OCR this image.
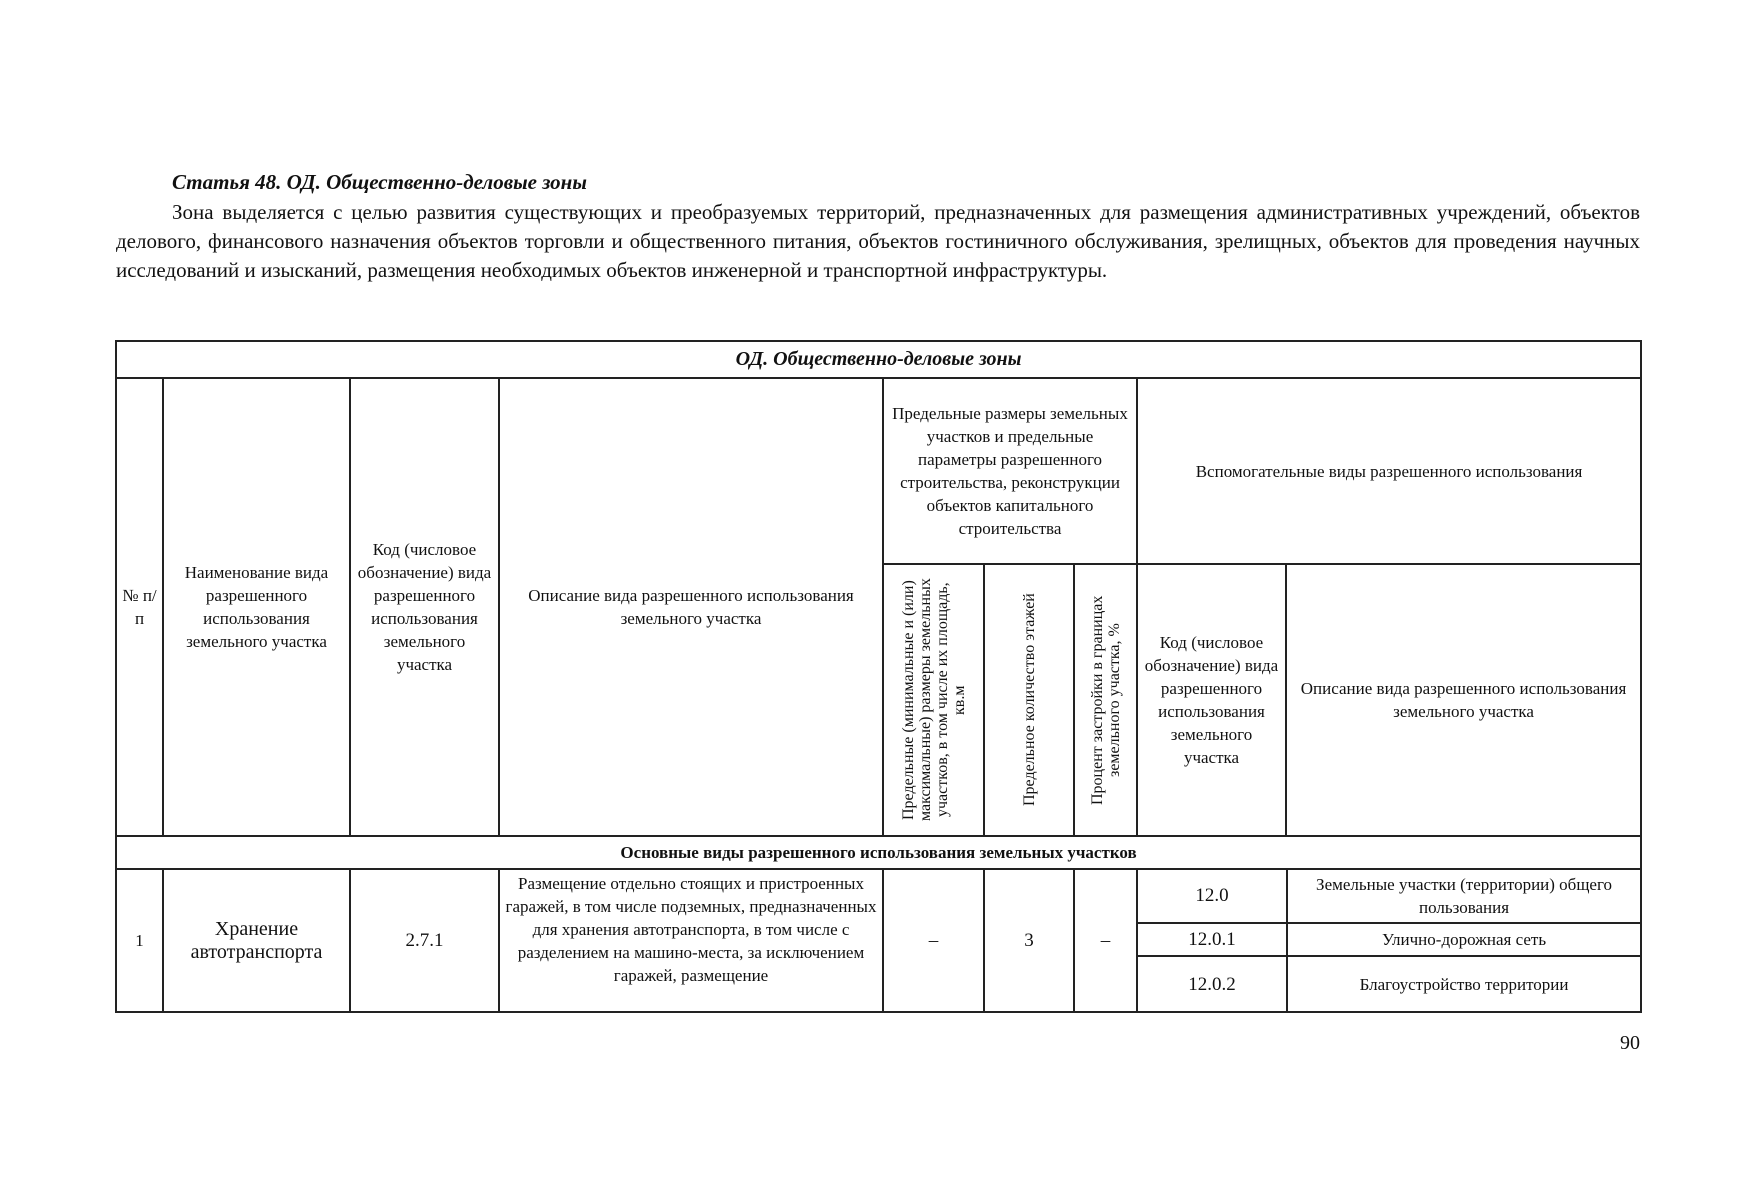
Статья 48. ОД. Общественно-деловые зоны

Зона выделяется с целью развития существующих и преобразуемых территорий, предназначенных для размещения административных учреждений, объектов делового, финансового назначения объектов торговли и общественного питания, объектов гостиничного обслуживания, зрелищных, объектов для проведения научных исследований и изысканий, размещения необходимых объектов инженерной и транспортной инфраструктуры.

ОД. Общественно-деловые зоны
№ п/п	Наименование вида разрешенного использования земельного участка	Код (числовое обозначение) вида разрешенного использования земельного участка	Описание вида разрешенного использования земельного участка	Предельные размеры земельных участков и предельные параметры разрешенного строительства, реконструкции объектов капитального строительства	Вспомогательные виды разрешенного использования

Предельные (минимальные и (или) максимальные) размеры земельных участков, в том числе их площадь, кв.м	Предельное количество этажей	Процент застройки в границах земельного участка, %	Код (числовое обозначение) вида разрешенного использования земельного участка	Описание вида разрешенного использования земельного участка
Основные виды разрешенного использования земельных участков
1	Хранение автотранспорта	2.7.1	Размещение отдельно стоящих и пристроенных гаражей, в том числе подземных, предназначенных для хранения автотранспорта, в том числе с разделением на машино-места, за исключением гаражей, размещение	–	3	–	
12.0	Земельные участки (территории) общего пользования
12.0.1	Улично-дорожная сеть
12.0.2	Благоустройство территории

90
